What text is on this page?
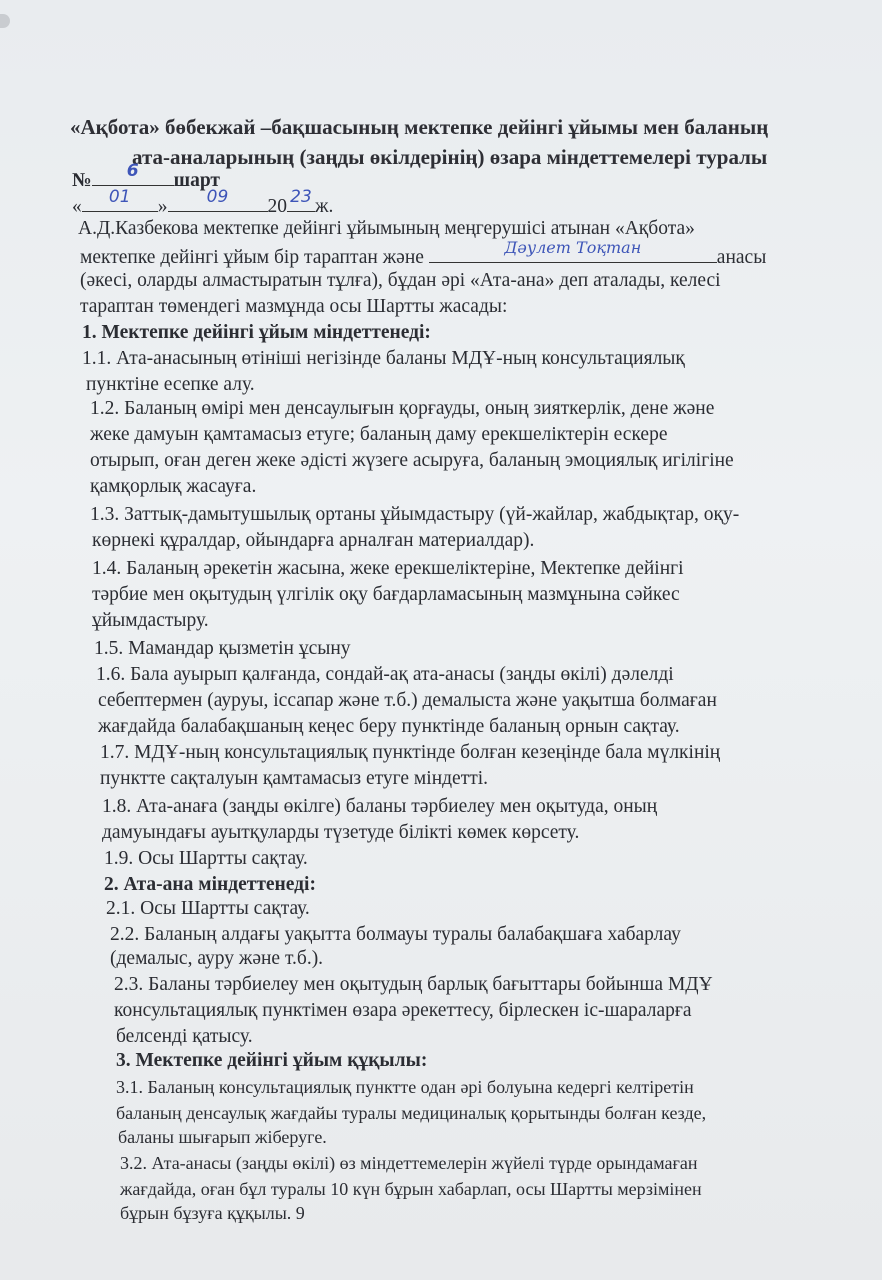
«Ақбота» бөбекжай –бақшасының мектепке дейінгі ұйымы мен баланың
ата-аналарының (заңды өкілдерінің) өзара міндеттемелері туралы
№	6	шарт
«	01	»	09	20 23 ж.
А.Д.Казбекова мектепке дейінгі ұйымының меңгерушісі атынан «Ақбота»
мектепке дейінгі ұйым бір тараптан және	Дәулет Тоқтан	анасы
(әкесі, оларды алмастыратын тұлға), бұдан әрі «Ата-ана» деп аталады, келесі
тараптан төмендегі мазмұнда осы Шартты жасады:
1. Мектепке дейінгі ұйым міндеттенеді:
1.1. Ата-анасының өтініші негізінде баланы МДҰ-ның консультациялық
пунктіне есепке алу.
1.2. Баланың өмірі мен денсаулығын қорғауды, оның зияткерлік, дене және
жеке дамуын қамтамасыз етуге; баланың даму ерекшеліктерін ескере
отырып, оған деген жеке әдісті жүзеге асыруға, баланың эмоциялық игілігіне
қамқорлық жасауға.
1.3. Заттық-дамытушылық ортаны ұйымдастыру (үй-жайлар, жабдықтар, оқу-
көрнекі құралдар, ойындарға арналған материалдар).
1.4. Баланың әрекетін жасына, жеке ерекшеліктеріне, Мектепке дейінгі
тәрбие мен оқытудың үлгілік оқу бағдарламасының мазмұнына сәйкес
ұйымдастыру.
1.5. Мамандар қызметін ұсыну
1.6. Бала ауырып қалғанда, сондай-ақ ата-анасы (заңды өкілі) дәлелді
себептермен (ауруы, іссапар және т.б.) демалыста және уақытша болмаған
жағдайда балабақшаның кеңес беру пунктінде баланың орнын сақтау.
1.7. МДҰ-ның консультациялық пунктінде болған кезеңінде бала мүлкінің
пунктте сақталуын қамтамасыз етуге міндетті.
1.8. Ата-анаға (заңды өкілге) баланы тәрбиелеу мен оқытуда, оның
дамуындағы ауытқуларды түзетуде білікті көмек көрсету.
1.9. Осы Шартты сақтау.
2. Ата-ана міндеттенеді:
2.1. Осы Шартты сақтау.
2.2. Баланың алдағы уақытта болмауы туралы балабақшаға хабарлау
(демалыс, ауру және т.б.).
2.3. Баланы тәрбиелеу мен оқытудың барлық бағыттары бойынша МДҰ
консультациялық пунктімен өзара әрекеттесу, бірлескен іс-шараларға
белсенді қатысу.
3. Мектепке дейінгі ұйым құқылы:
3.1. Баланың консультациялық пунктте одан әрі болуына кедергі келтіретін
баланың денсаулық жағдайы туралы медициналық қорытынды болған кезде,
баланы шығарып жіберуге.
3.2. Ата-анасы (заңды өкілі) өз міндеттемелерін жүйелі түрде орындамаған
жағдайда, оған бұл туралы 10 күн бұрын хабарлап, осы Шартты мерзімінен
бұрын бұзуға құқылы. 9
